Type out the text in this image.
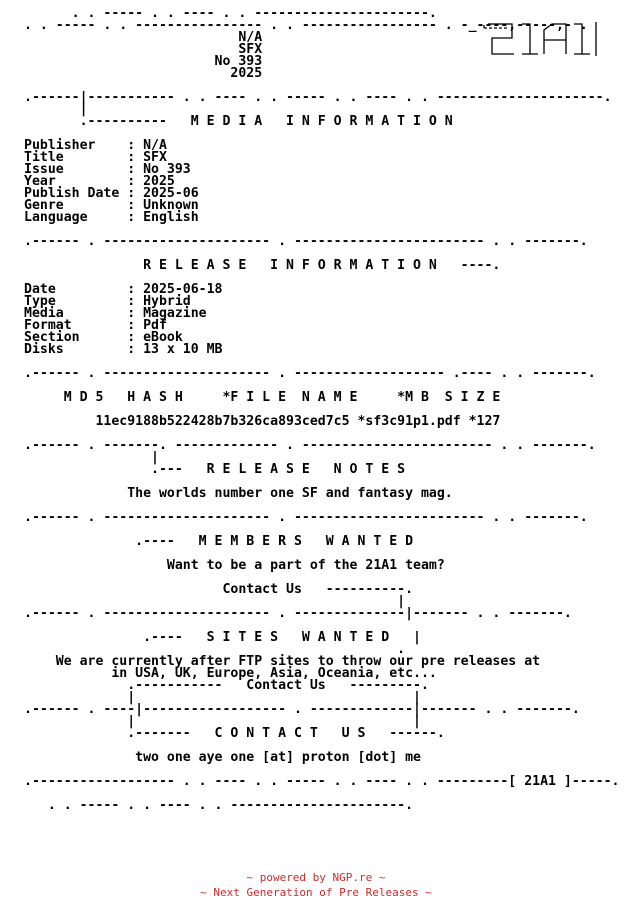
. . ----- . . ---- . . ----------------------.
. . ----- . . ---------------- . . ----------------- . -_----,-----,- .
N/A
SFX
No 393
2025

.------|----------- . . ---- . . ----- . . ---- . . ---------------------.
|
.----------   M E D I A   I N F O R M A T I O N

Publisher    : N/A
Title        : SFX
Issue        : No 393
Year         : 2025
Publish Date : 2025-06
Genre        : Unknown
Language     : English

.------ . --------------------- . ------------------------ . . -------.

R E L E A S E   I N F O R M A T I O N   ----.

Date         : 2025-06-18
Type         : Hybrid
Media        : Magazine
Format       : Pdf
Section      : eBook
Disks        : 13 x 10 MB

.------ . --------------------- . ------------------- .---- . . -------.

M D 5   H A S H     *F I L E  N A M E     *M B  S I Z E

11ec9188b522428b7b326ca893ced7c5 *sf3c91p1.pdf *127

.------ . -------. ------------- . ------------------------ . . -------.
|
.---   R E L E A S E   N O T E S

The worlds number one SF and fantasy mag.

.------ . --------------------- . ------------------------ . . -------.

.----   M E M B E R S   W A N T E D

Want to be a part of the 21A1 team?

Contact Us   ----------.
|
.------ . --------------------- . --------------|------- . . -------.

.----   S I T E S   W A N T E D   |
.
We are currently after FTP sites to throw our pre releases at
in USA, UK, Europe, Asia, Oceania, etc...
.-----------   Contact Us   ---------.
|                                   |
.------ . ----|------------------ . -------------|------- . . -------.
|                                   |
.-------   C O N T A C T   U S   ------.

two one aye one [at] proton [dot] me

.------------------ . . ---- . . ----- . . ---- . . ---------[ 21A1 ]-----.

. . ----- . . ---- . . ----------------------.
~ powered by NGP.re ~
~ Next Generation of Pre Releases ~
